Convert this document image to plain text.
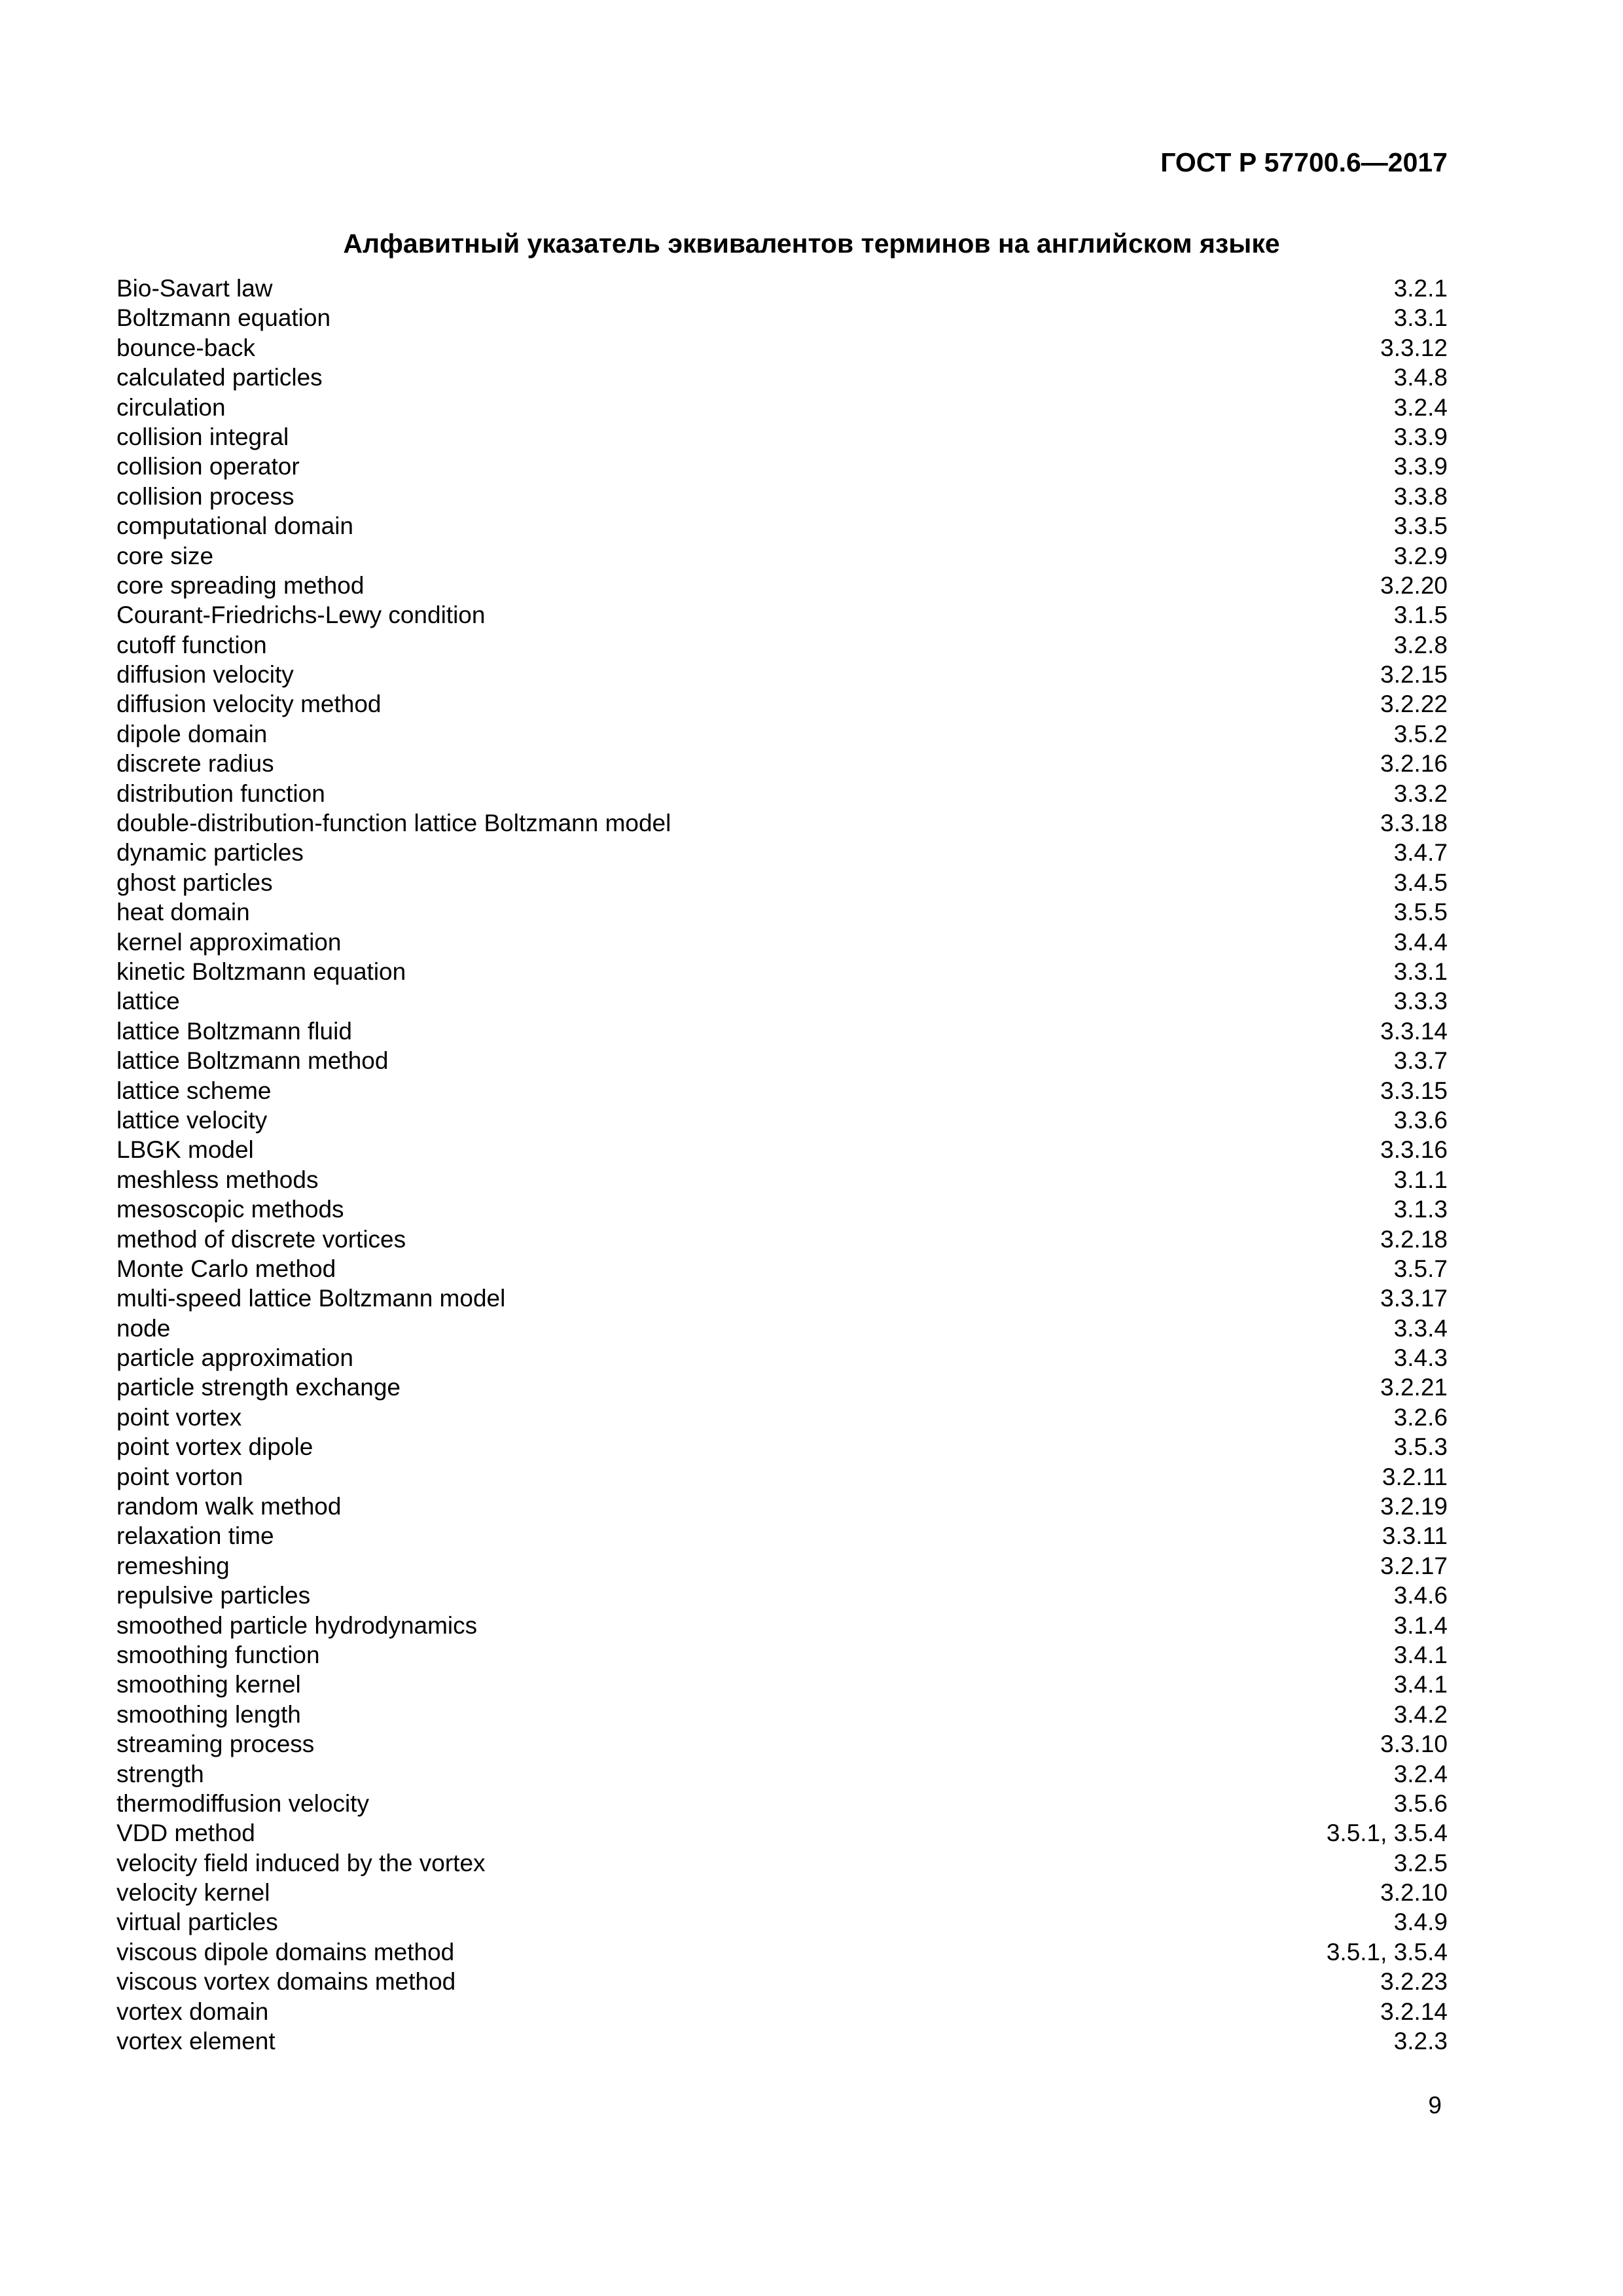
ГОСТ Р 57700.6—2017
Алфавитный указатель эквивалентов терминов на английском языке
Bio-Savart law	3.2.1
Boltzmann equation	3.3.1
bounce-back	3.3.12
calculated particles	3.4.8
circulation	3.2.4
collision integral	3.3.9
collision operator	3.3.9
collision process	3.3.8
computational domain	3.3.5
core size	3.2.9
core spreading method	3.2.20
Courant-Friedrichs-Lewy condition	3.1.5
cutoff function	3.2.8
diffusion velocity	3.2.15
diffusion velocity method	3.2.22
dipole domain	3.5.2
discrete radius	3.2.16
distribution function	3.3.2
double-distribution-function lattice Boltzmann model	3.3.18
dynamic particles	3.4.7
ghost particles	3.4.5
heat domain	3.5.5
kernel approximation	3.4.4
kinetic Boltzmann equation	3.3.1
lattice	3.3.3
lattice Boltzmann fluid	3.3.14
lattice Boltzmann method	3.3.7
lattice scheme	3.3.15
lattice velocity	3.3.6
LBGK model	3.3.16
meshless methods	3.1.1
mesoscopic methods	3.1.3
method of discrete vortices	3.2.18
Monte Carlo method	3.5.7
multi-speed lattice Boltzmann model	3.3.17
node	3.3.4
particle approximation	3.4.3
particle strength exchange	3.2.21
point vortex	3.2.6
point vortex dipole	3.5.3
point vorton	3.2.11
random walk method	3.2.19
relaxation time	3.3.11
remeshing	3.2.17
repulsive particles	3.4.6
smoothed particle hydrodynamics	3.1.4
smoothing function	3.4.1
smoothing kernel	3.4.1
smoothing length	3.4.2
streaming process	3.3.10
strength	3.2.4
thermodiffusion velocity	3.5.6
VDD method	3.5.1, 3.5.4
velocity field induced by the vortex	3.2.5
velocity kernel	3.2.10
virtual particles	3.4.9
viscous dipole domains method	3.5.1, 3.5.4
viscous vortex domains method	3.2.23
vortex domain	3.2.14
vortex element	3.2.3
9
